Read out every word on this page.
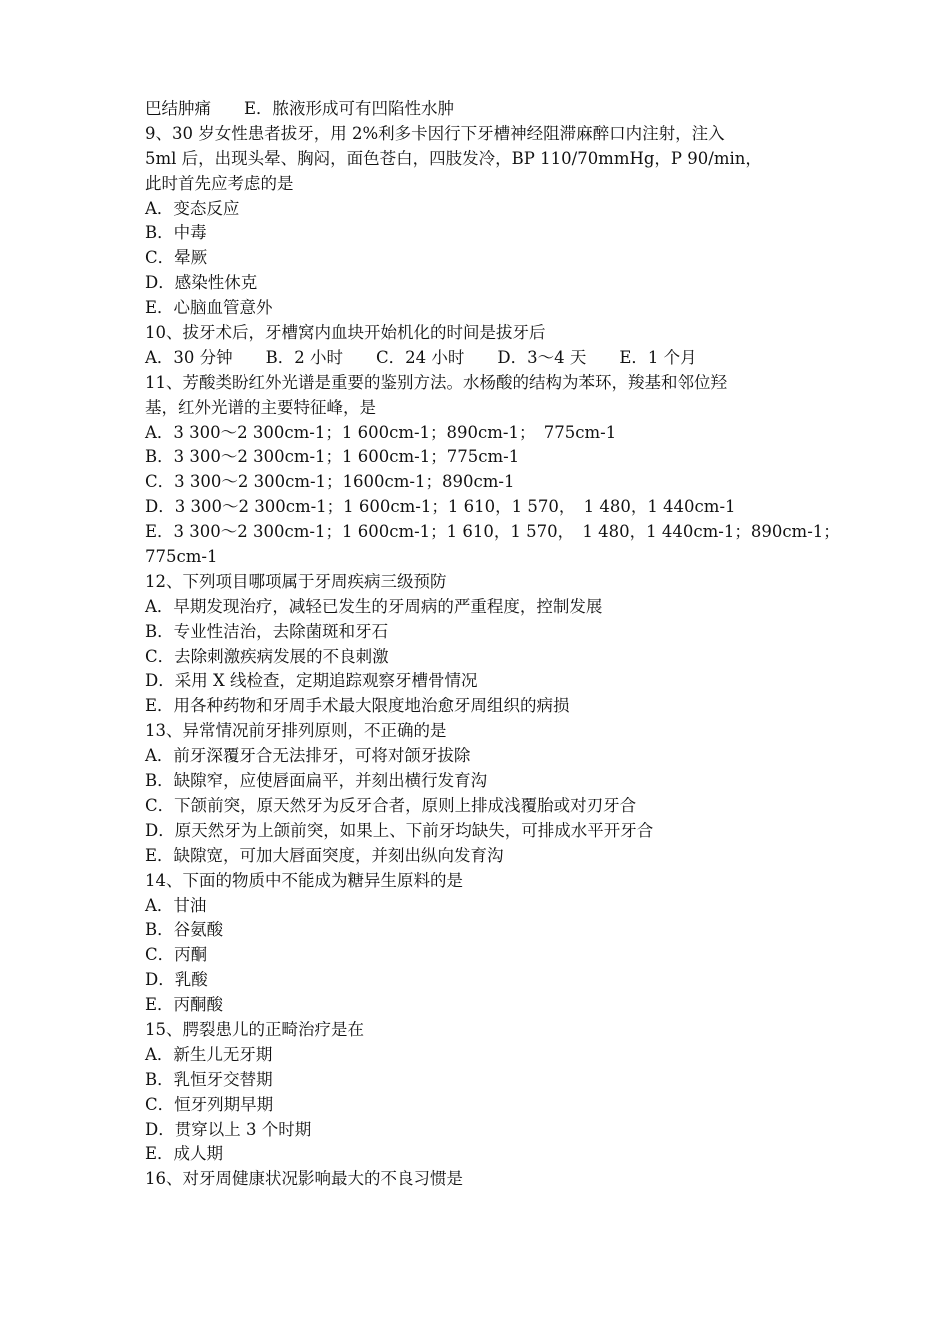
巴结肿痛　　E．脓液形成可有凹陷性水肿
9、30 岁女性患者拔牙，用 2%利多卡因行下牙槽神经阻滞麻醉口内注射，注入
5ml 后，出现头晕、胸闷，面色苍白，四肢发冷，BP 110/70mmHg，P 90/min，
此时首先应考虑的是
A．变态反应
B．中毒
C．晕厥
D．感染性休克
E．心脑血管意外
10、拔牙术后，牙槽窝内血块开始机化的时间是拔牙后
A．30 分钟　　B．2 小时　　C．24 小时　　D．3～4 天　　E．1 个月
11、芳酸类盼红外光谱是重要的鉴别方法。水杨酸的结构为苯环，羧基和邻位羟
基，红外光谱的主要特征峰，是
A．3 300～2 300cm-1；1 600cm-1；890cm-1；　775cm-1
B．3 300～2 300cm-1；1 600cm-1；775cm-1
C．3 300～2 300cm-1；1600cm-1；890cm-1
D．3 300～2 300cm-1；1 600cm-1；1 610，1 570，　1 480，1 440cm-1
E．3 300～2 300cm-1；1 600cm-1；1 610，1 570，　1 480，1 440cm-1；890cm-1；
775cm-1
12、下列项目哪项属于牙周疾病三级预防
A．早期发现治疗，减轻已发生的牙周病的严重程度，控制发展
B．专业性洁治，去除菌斑和牙石
C．去除刺激疾病发展的不良刺激
D．采用 X 线检查，定期追踪观察牙槽骨情况
E．用各种药物和牙周手术最大限度地治愈牙周组织的病损
13、异常情况前牙排列原则，不正确的是
A．前牙深覆牙合无法排牙，可将对颌牙拔除
B．缺隙窄，应使唇面扁平，并刻出横行发育沟
C．下颌前突，原天然牙为反牙合者，原则上排成浅覆胎或对刃牙合
D．原天然牙为上颌前突，如果上、下前牙均缺失，可排成水平开牙合
E．缺隙宽，可加大唇面突度，并刻出纵向发育沟
14、下面的物质中不能成为糖异生原料的是
A．甘油
B．谷氨酸
C．丙酮
D．乳酸
E．丙酮酸
15、腭裂患儿的正畸治疗是在
A．新生儿无牙期
B．乳恒牙交替期
C．恒牙列期早期
D．贯穿以上 3 个时期
E．成人期
16、对牙周健康状况影响最大的不良习惯是
